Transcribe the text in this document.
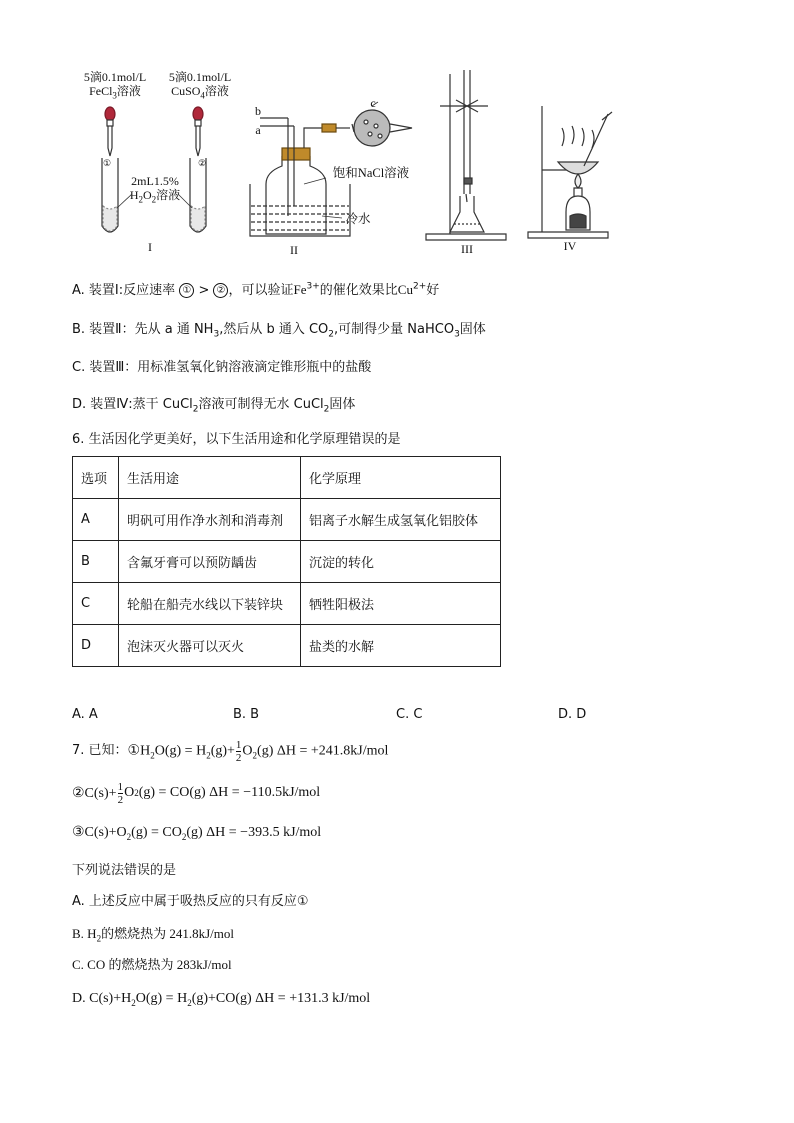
5滴0.1mol/L
FeCl$_3$溶液
5滴0.1mol/L
CuSO$_4$溶液
2mL1.5%
$H_2O_2$溶液
①	②
I
b
a
c
饱和NaCl溶液
冷水
II	III	IV
A. 装置Ⅰ:反应速率 ① > ② ，可以验证$Fe^{3+}$的催化效果比$Cu^{2+}$好
B. 装置Ⅱ：先从 a 通 $NH_3$,然后从 b 通入 $CO_2$,可制得少量 NaHCO$_3$固体
C. 装置Ⅲ：用标准氢氧化钠溶液滴定锥形瓶中的盐酸
D. 装置Ⅳ:蒸干 CuCl$_2$溶液可制得无水 CuCl$_2$固体
6. 生活因化学更美好，以下生活用途和化学原理错误的是
选项	生活用途	化学原理
A	明矾可用作净水剂和消毒剂	铝离子水解生成氢氧化铝胶体
B	含氟牙膏可以预防龋齿	沉淀的转化
C	轮船在船壳水线以下装锌块	牺牲阳极法
D	泡沫灭火器可以灭火	盐类的水解
A. A	B. B	C. C	D. D
7. 已知： $①H_2O(g) = H_2(g)+ \frac{1}{2} O_2(g) \Delta H = +241.8kJ/mol$
②C(s)+ $\frac{1}{2}$ O 2 (g) = CO(g) ΔH = −110.5kJ/mol
$③C(s)+O_2(g) = CO_2(g) \Delta H = -393.5$ kJ/mol
下列说法错误的是
A. 上述反应中属于吸热反应的只有反应①
B. $H_2$的燃烧热为 241.8kJ/mol
C. CO 的燃烧热为 283kJ/mol
D. $C(s)+H_2O(g) = H_2(g)+CO(g) \Delta H = +131.3$ kJ/mol
